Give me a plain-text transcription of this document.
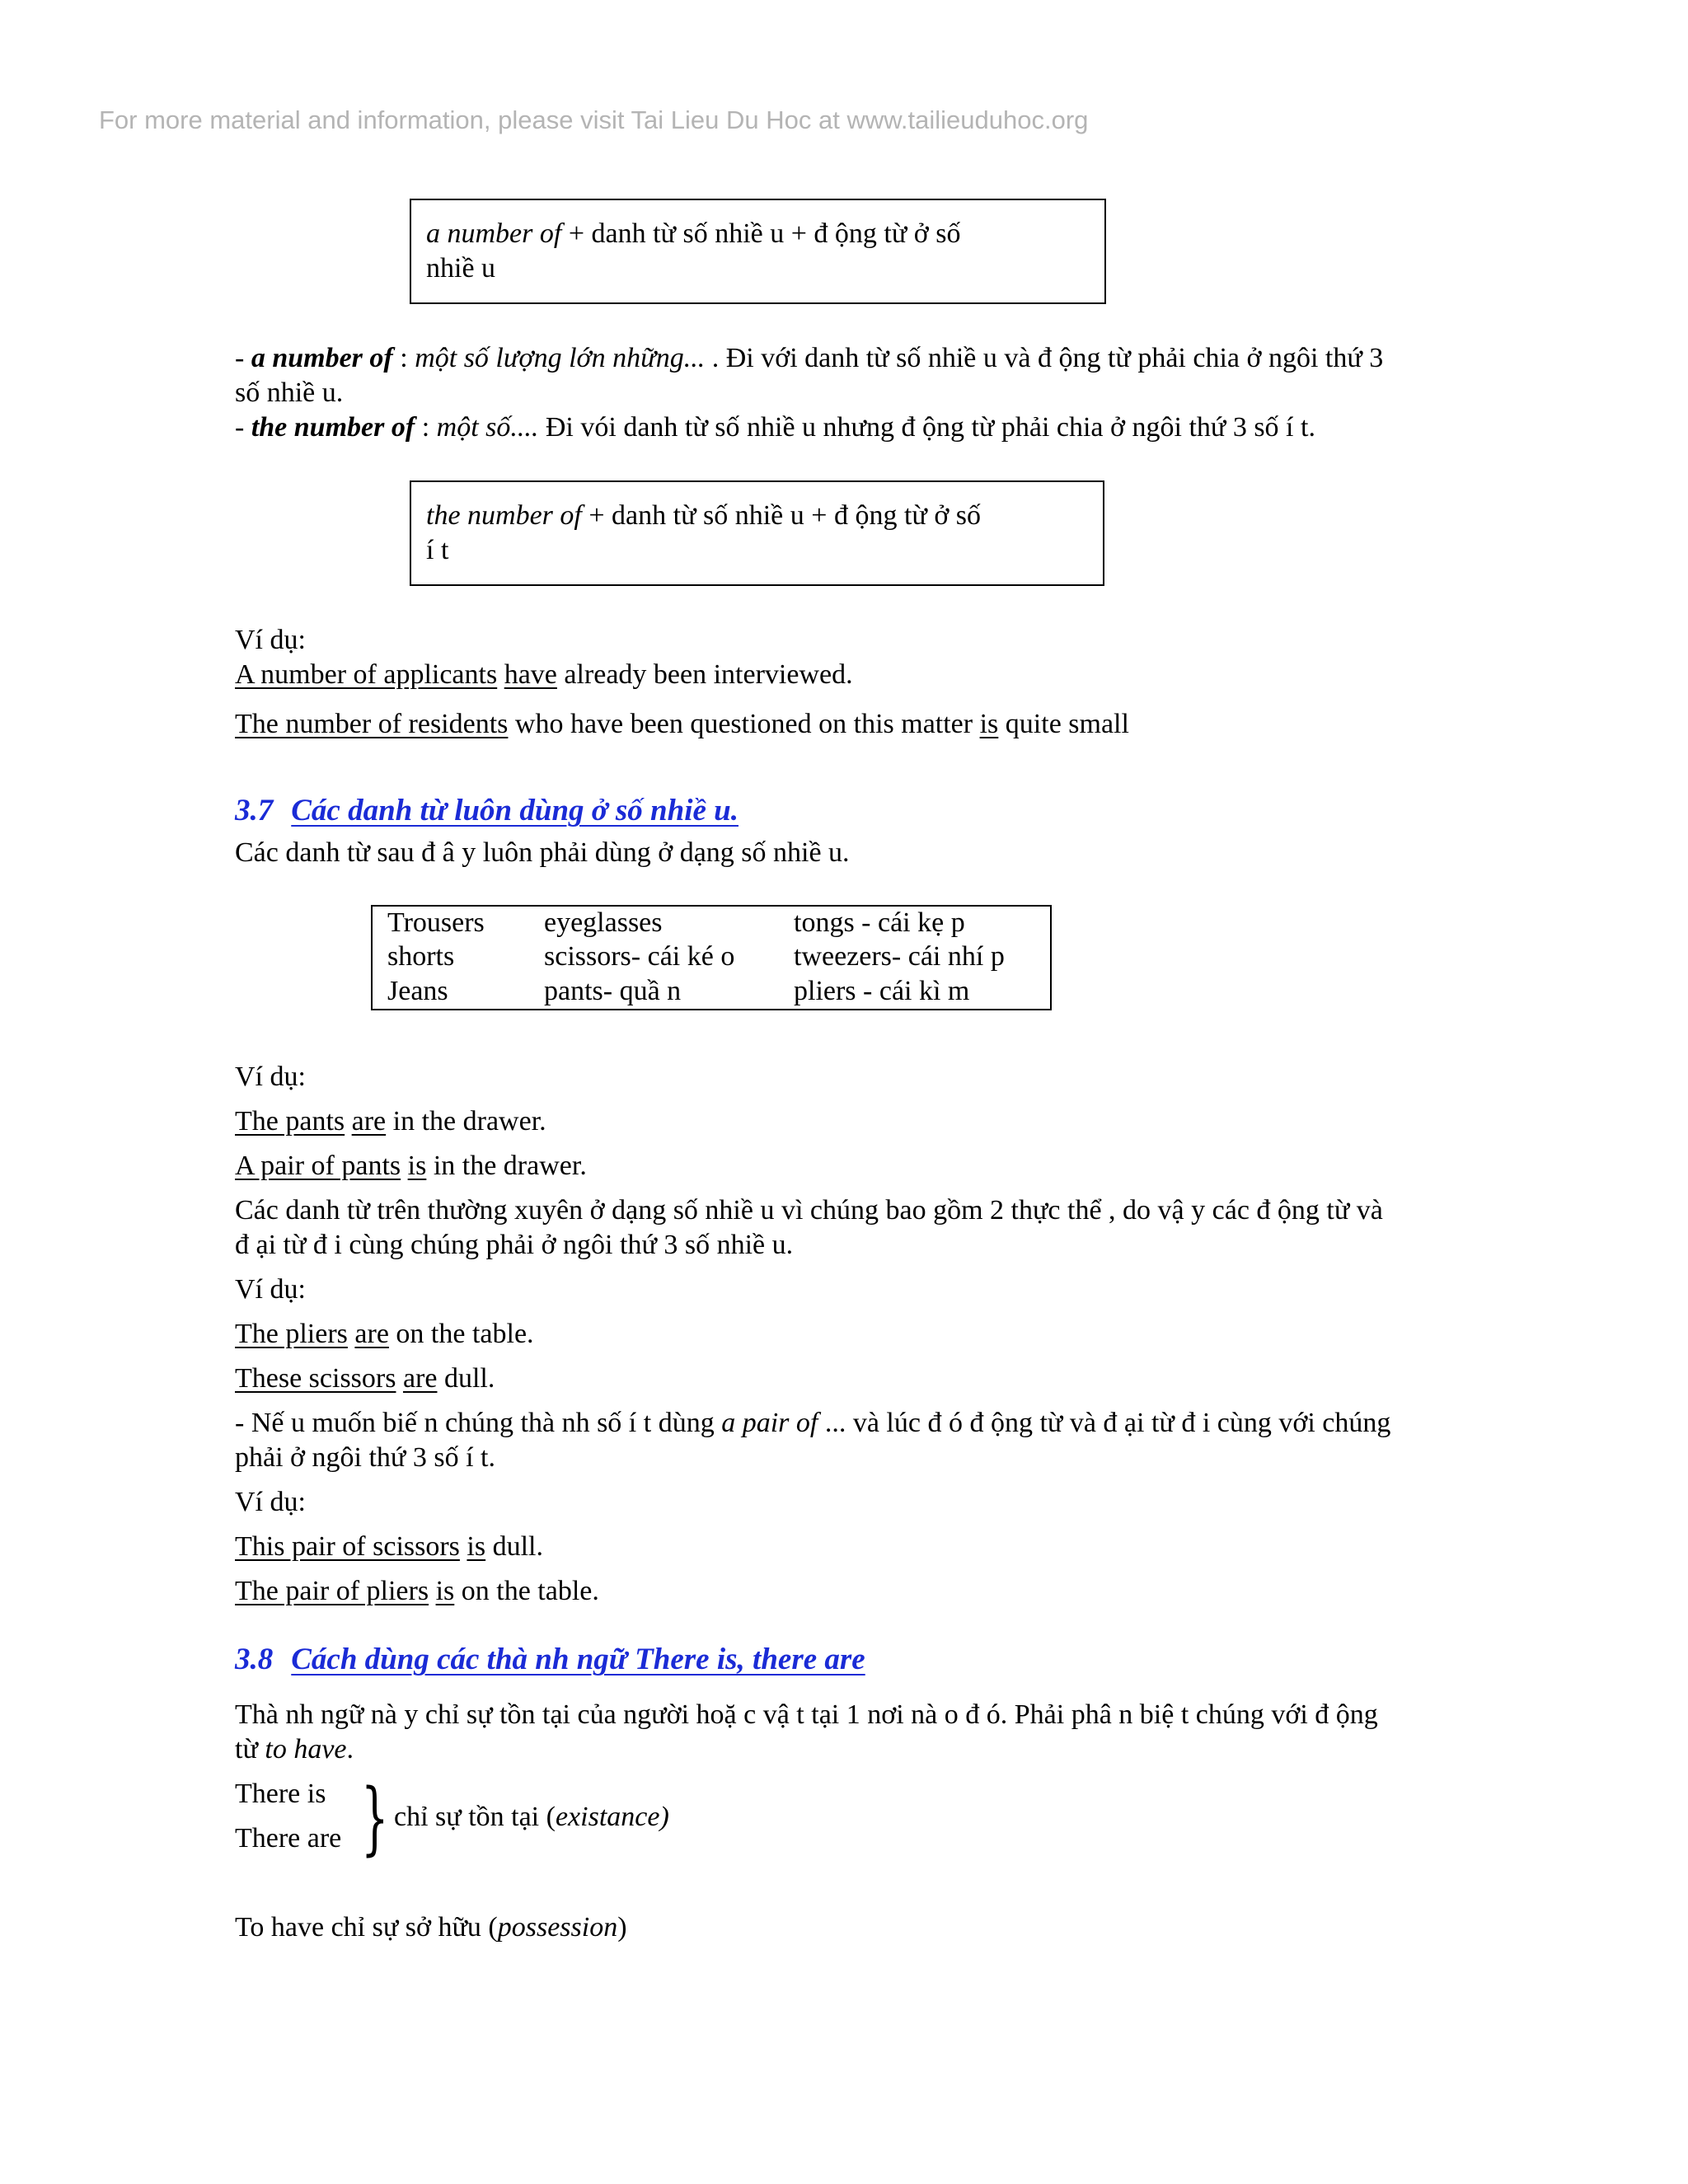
For more material and information, please visit Tai Lieu Du Hoc at www.tailieuduhoc.org
a number of + danh từ số nhiề u + đ ộng từ ở số
nhiề u
- a number of : một số lượng lớn những... . Đi với danh từ số nhiề u và đ ộng từ phải chia ở ngôi thứ 3
số nhiề u.
- the number of : một số.... Đi vói danh từ số nhiề u nhưng đ ộng từ phải chia ở ngôi thứ 3 số í t.
the number of + danh từ số nhiề u + đ ộng từ ở số
í t
Ví dụ:
A number of applicants have already been interviewed.
The number of residents who have been questioned on this matter is quite small
3.7 Các danh từ luôn dùng ở số nhiề u.
Các danh từ sau đ â y luôn phải dùng ở dạng số nhiề u.
Trousers	eyeglasses	tongs - cái kẹ p
shorts	scissors- cái ké o	tweezers- cái nhí p
Jeans	pants- quầ n	pliers - cái kì m
Ví dụ:
The pants are in the drawer.
A pair of pants is in the drawer.
Các danh từ trên thường xuyên ở dạng số nhiề u vì chúng bao gồm 2 thực thể , do vậ y các đ ộng từ và
đ ại từ đ i cùng chúng phải ở ngôi thứ 3 số nhiề u.
Ví dụ:
The pliers are on the table.
These scissors are dull.
- Nế u muốn biế n chúng thà nh số í t dùng a pair of ... và lúc đ ó đ ộng từ và đ ại từ đ i cùng với chúng
phải ở ngôi thứ 3 số í t.
Ví dụ:
This pair of scissors is dull.
The pair of pliers is on the table.
3.8 Cách dùng các thà nh ngữ There is, there are
Thà nh ngữ nà y chỉ sự tồn tại của người hoặ c vậ t tại 1 nơi nà o đ ó. Phải phâ n biệ t chúng với đ ộng
từ to have.
There is
There are } chỉ sự tồn tại (existance)
To have chỉ sự sở hữu (possession)
